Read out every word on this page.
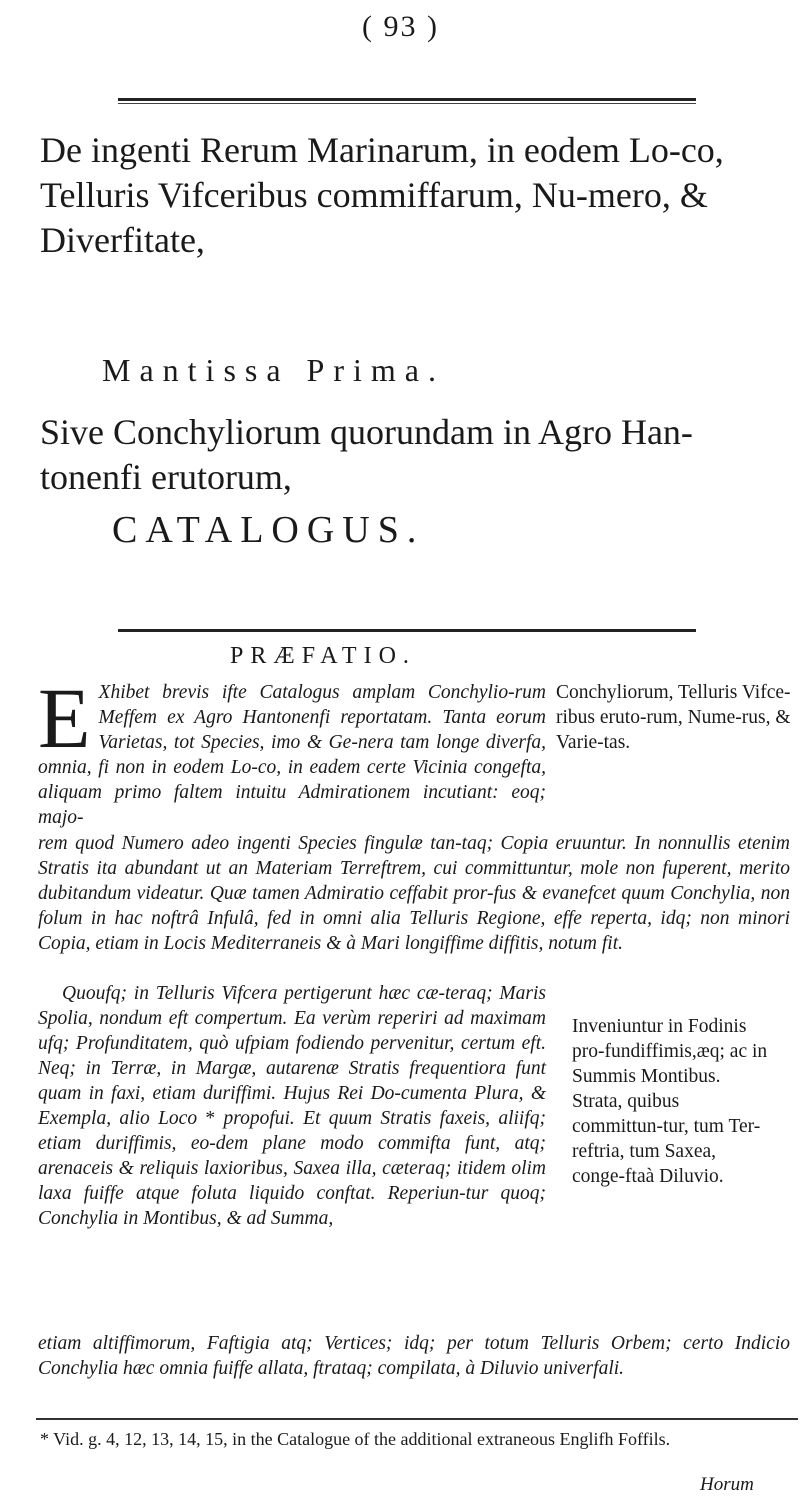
( 93 )
De ingenti Rerum Marinarum, in eodem Lo-co, Telluris Vifceribus commiffarum, Nu-mero, & Diverfitate,
Mantissa Prima.

Sive Conchyliorum quorundam in Agro Han-tonenfi erutorum,

CATALOGUS.
PRÆFATIO.

E Xhibet brevis ifte Catalogus amplam Conchylio-rum Meffem ex Agro Hantonenfi reportatam. Tanta eorum Varietas, tot Species, imo & Ge-nera tam longe diverfa, omnia, fi non in eodem Lo-co, in eadem certe Vicinia congefta, aliquam primo faltem intuitu Admirationem incutiant: eoq; majo-

Conchyliorum, Telluris Vifce-ribus eruto-rum, Nume-rus, & Varie-tas.

rem quod Numero adeo ingenti Species fingulæ tan-taq; Copia eruuntur. In nonnullis etenim Stratis ita abundant ut an Materiam Terreftrem, cui committuntur, mole non fuperent, merito dubitandum videatur. Quæ tamen Admiratio ceffabit pror-fus & evanefcet quum Conchylia, non folum in hac noftrâ Infulâ, fed in omni alia Telluris Regione, effe reperta, idq; non minori Copia, etiam in Locis Mediterraneis & à Mari longiffime diffitis, notum fit.

Quoufq; in Telluris Vifcera pertigerunt hæc cæ-teraq; Maris Spolia, nondum eft compertum. Ea verùm reperiri ad maximam ufq; Profunditatem, quò ufpiam fodiendo pervenitur, certum eft. Neq; in Terræ, in Margæ, autarenæ Stratis frequentiora funt quam in faxi, etiam duriffimi. Hujus Rei Do-cumenta Plura, & Exempla, alio Loco * propofui. Et quum Stratis faxeis, aliifq; etiam duriffimis, eo-dem plane modo commifta funt, atq; arenaceis & reliquis laxioribus, Saxea illa, cæteraq; itidem olim laxa fuiffe atque foluta liquido conftat. Reperiun-tur quoq; Conchylia in Montibus, & ad Summa,

Inveniuntur in Fodinis pro-fundiffimis,æq; ac in Summis Montibus. Strata, quibus committun-tur, tum Ter-reftria, tum Saxea, conge-ftaà Diluvio.

etiam altiffimorum, Faftigia atq; Vertices; idq; per totum Telluris Orbem; certo Indicio Conchylia hæc omnia fuiffe allata, ftrataq; compilata, à Diluvio univerfali.

* Vid. g. 4, 12, 13, 14, 15, in the Catalogue of the additional extraneous Englifh Foffils.

Horum
